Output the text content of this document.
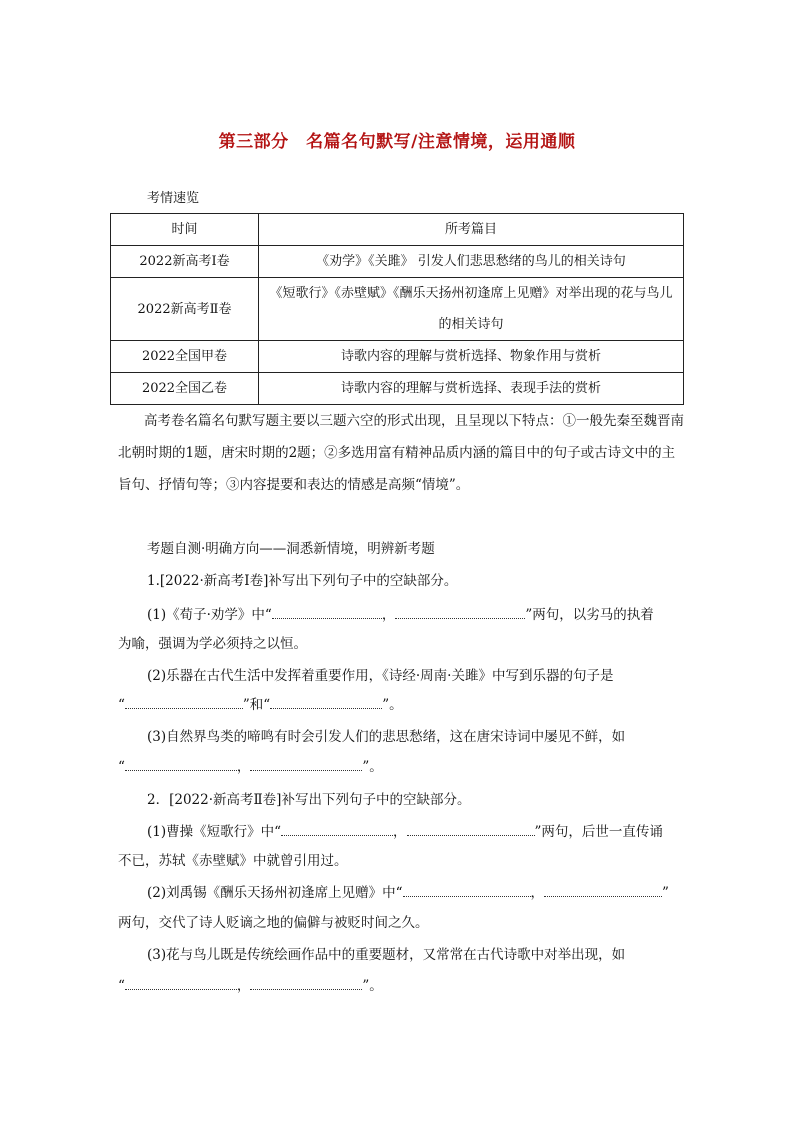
第三部分　名篇名句默写/注意情境，运用通顺
考情速览
时间	所考篇目
2022新高考Ⅰ卷	《劝学》《关雎》 引发人们悲思愁绪的鸟儿的相关诗句
2022新高考Ⅱ卷	《短歌行》《赤壁赋》《酬乐天扬州初逢席上见赠》对举出现的花与鸟儿的相关诗句
2022全国甲卷	诗歌内容的理解与赏析选择、物象作用与赏析
2022全国乙卷	诗歌内容的理解与赏析选择、表现手法的赏析
高考卷名篇名句默写题主要以三题六空的形式出现，且呈现以下特点：①一般先秦至魏晋南北朝时期的1题，唐宋时期的2题；②多选用富有精神品质内涵的篇目中的句子或古诗文中的主旨句、抒情句等；③内容提要和表达的情感是高频“情境”。
考题自测·明确方向——洞悉新情境，明辨新考题
1.[2022·新高考Ⅰ卷]补写出下列句子中的空缺部分。
(1)《荀子·劝学》中“	，	”两句，以劣马的执着
为喻，强调为学必须持之以恒。
(2)乐器在古代生活中发挥着重要作用，《诗经·周南·关雎》中写到乐器的句子是
“	”和“	”。
(3)自然界鸟类的啼鸣有时会引发人们的悲思愁绪，这在唐宋诗词中屡见不鲜，如
“	，	”。
2．[2022·新高考Ⅱ卷]补写出下列句子中的空缺部分。
(1)曹操《短歌行》中“	，	”两句，后世一直传诵
不已，苏轼《赤壁赋》中就曾引用过。
(2)刘禹锡《酬乐天扬州初逢席上见赠》中“	，	”
两句，交代了诗人贬谪之地的偏僻与被贬时间之久。
(3)花与鸟儿既是传统绘画作品中的重要题材，又常常在古代诗歌中对举出现，如
“	，	”。
